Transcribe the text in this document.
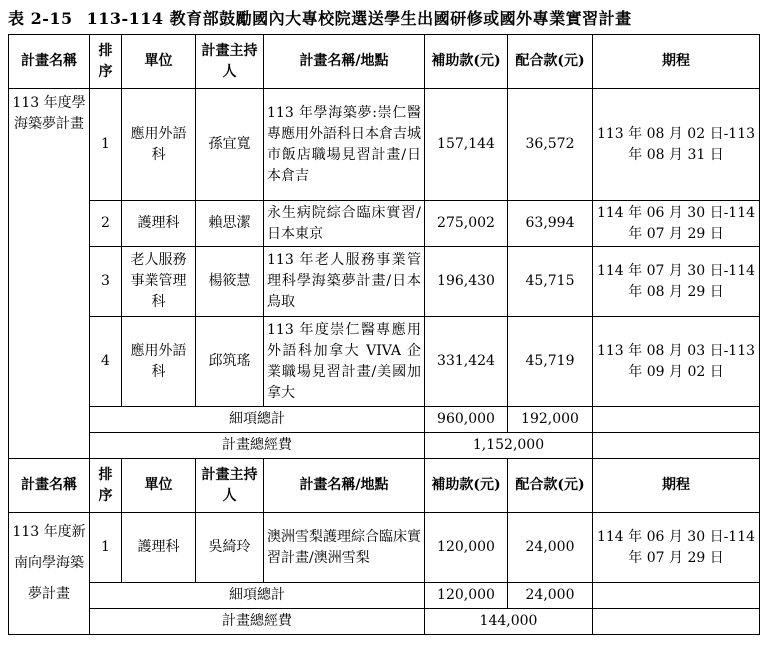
表 2-15 113-114 教育部鼓勵國內大專校院選送學生出國研修或國外專業實習計畫
計畫名稱	排序	單位	計畫主持人	計畫名稱/地點	補助款(元)	配合款(元)	期程
113 年度學海築夢計畫	1	應用外語科	孫宜寬	113 年學海築夢:崇仁醫專應用外語科日本倉吉城市飯店職場見習計畫/日本倉吉	157,144	36,572	113 年 08 月 02 日-113 年 08 月 31 日
	2	護理科	賴思潔	永生病院綜合臨床實習/日本東京	275,002	63,994	114 年 06 月 30 日-114 年 07 月 29 日
	3	老人服務事業管理科	楊筱慧	113 年老人服務事業管理科學海築夢計畫/日本鳥取	196,430	45,715	114 年 07 月 30 日-114 年 08 月 29 日
	4	應用外語科	邱筑瑤	113 年度崇仁醫專應用外語科加拿大 VIVA 企業職場見習計畫/美國加拿大	331,424	45,719	113 年 08 月 03 日-113 年 09 月 02 日
	細項總計				960,000	192,000	
	計畫總經費				1,152,000		
計畫名稱	排序	單位	計畫主持人	計畫名稱/地點	補助款(元)	配合款(元)	期程
113 年度新南向學海築夢計畫	1	護理科	吳綺玲	澳洲雪梨護理綜合臨床實習計畫/澳洲雪梨	120,000	24,000	114 年 06 月 30 日-114 年 07 月 29 日
	細項總計				120,000	24,000	
	計畫總經費				144,000		
